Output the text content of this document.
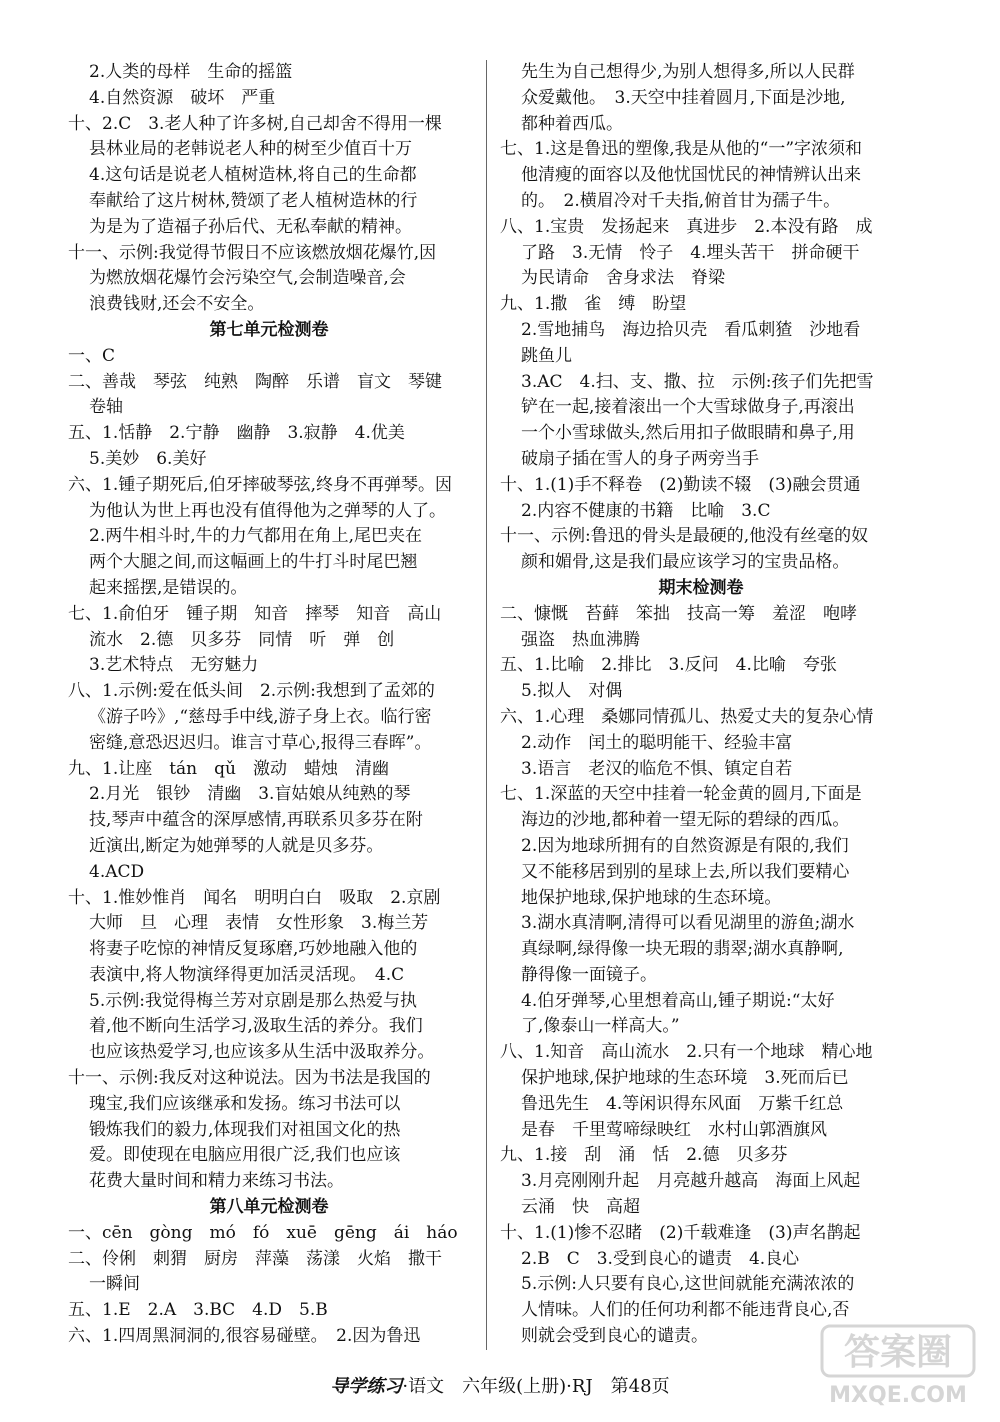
2.人类的母样　生命的摇篮
4.自然资源　破坏　严重
十、2.C　3.老人种了许多树,自己却舍不得用一棵
县林业局的老韩说老人种的树至少值百十万
4.这句话是说老人植树造林,将自己的生命都
奉献给了这片树林,赞颂了老人植树造林的行
为是为了造福子孙后代、无私奉献的精神。
十一、示例:我觉得节假日不应该燃放烟花爆竹,因
为燃放烟花爆竹会污染空气,会制造噪音,会
浪费钱财,还会不安全。
第七单元检测卷
一、C
二、善哉　琴弦　纯熟　陶醉　乐谱　盲文　琴键
卷轴
五、1.恬静　2.宁静　幽静　3.寂静　4.优美
5.美妙　6.美好
六、1.锺子期死后,伯牙摔破琴弦,终身不再弹琴。因
为他认为世上再也没有值得他为之弹琴的人了。
2.两牛相斗时,牛的力气都用在角上,尾巴夹在
两个大腿之间,而这幅画上的牛打斗时尾巴翘
起来摇摆,是错误的。
七、1.俞伯牙　锺子期　知音　摔琴　知音　高山
流水　2.德　贝多芬　同情　听　弹　创
3.艺术特点　无穷魅力
八、1.示例:爱在低头间　2.示例:我想到了孟郊的
《游子吟》,“慈母手中线,游子身上衣。临行密
密缝,意恐迟迟归。谁言寸草心,报得三春晖”。
九、1.让座　tán　qǔ　激动　蜡烛　清幽
2.月光　银钞　清幽　3.盲姑娘从纯熟的琴
技,琴声中蕴含的深厚感情,再联系贝多芬在附
近演出,断定为她弹琴的人就是贝多芬。
4.ACD
十、1.惟妙惟肖　闻名　明明白白　吸取　2.京剧
大师　旦　心理　表情　女性形象　3.梅兰芳
将妻子吃惊的神情反复琢磨,巧妙地融入他的
表演中,将人物演绎得更加活灵活现。　4.C
5.示例:我觉得梅兰芳对京剧是那么热爱与执
着,他不断向生活学习,汲取生活的养分。我们
也应该热爱学习,也应该多从生活中汲取养分。
十一、示例:我反对这种说法。因为书法是我国的
瑰宝,我们应该继承和发扬。练习书法可以
锻炼我们的毅力,体现我们对祖国文化的热
爱。即使现在电脑应用很广泛,我们也应该
花费大量时间和精力来练习书法。
第八单元检测卷
一、cēn　gòng　mó　fó　xuē　gēng　ái　háo
二、伶俐　刺猬　厨房　萍藻　荡漾　火焰　撒干
一瞬间
五、1.E　2.A　3.BC　4.D　5.B
六、1.四周黑洞洞的,很容易碰壁。　2.因为鲁迅
先生为自己想得少,为别人想得多,所以人民群
众爱戴他。　3.天空中挂着圆月,下面是沙地,
都种着西瓜。
七、1.这是鲁迅的塑像,我是从他的“一”字浓须和
他清瘦的面容以及他忧国忧民的神情辨认出来
的。　2.横眉冷对千夫指,俯首甘为孺子牛。
八、1.宝贵　发扬起来　真进步　2.本没有路　成
了路　3.无情　怜子　4.埋头苦干　拼命硬干
为民请命　舍身求法　脊梁
九、1.撒　雀　缚　盼望
2.雪地捕鸟　海边拾贝壳　看瓜刺猹　沙地看
跳鱼儿
3.AC　4.扫、支、撒、拉　示例:孩子们先把雪
铲在一起,接着滚出一个大雪球做身子,再滚出
一个小雪球做头,然后用扣子做眼睛和鼻子,用
破扇子插在雪人的身子两旁当手
十、1.(1)手不释卷　(2)勤读不辍　(3)融会贯通
2.内容不健康的书籍　比喻　3.C
十一、示例:鲁迅的骨头是最硬的,他没有丝毫的奴
颜和媚骨,这是我们最应该学习的宝贵品格。
期末检测卷
二、慷慨　苔藓　笨拙　技高一筹　羞涩　咆哮
强盗　热血沸腾
五、1.比喻　2.排比　3.反问　4.比喻　夸张
5.拟人　对偶
六、1.心理　桑娜同情孤儿、热爱丈夫的复杂心情
2.动作　闰土的聪明能干、经验丰富
3.语言　老汉的临危不惧、镇定自若
七、1.深蓝的天空中挂着一轮金黄的圆月,下面是
海边的沙地,都种着一望无际的碧绿的西瓜。
2.因为地球所拥有的自然资源是有限的,我们
又不能移居到别的星球上去,所以我们要精心
地保护地球,保护地球的生态环境。
3.湖水真清啊,清得可以看见湖里的游鱼;湖水
真绿啊,绿得像一块无瑕的翡翠;湖水真静啊,
静得像一面镜子。
4.伯牙弹琴,心里想着高山,锺子期说:“太好
了,像泰山一样高大。”
八、1.知音　高山流水　2.只有一个地球　精心地
保护地球,保护地球的生态环境　3.死而后已
鲁迅先生　4.等闲识得东风面　万紫千红总
是春　千里莺啼绿映红　水村山郭酒旗风
九、1.接　刮　涌　恬　2.德　贝多芬
3.月亮刚刚升起　月亮越升越高　海面上风起
云涌　快　高超
十、1.(1)惨不忍睹　(2)千载难逢　(3)声名鹊起
2.B　C　3.受到良心的谴责　4.良心
5.示例:人只要有良心,这世间就能充满浓浓的
人情味。人们的任何功利都不能违背良心,否
则就会受到良心的谴责。
导学练习·语文　六年级(上册)·RJ　第48页
答案圈
MXQE.COM
